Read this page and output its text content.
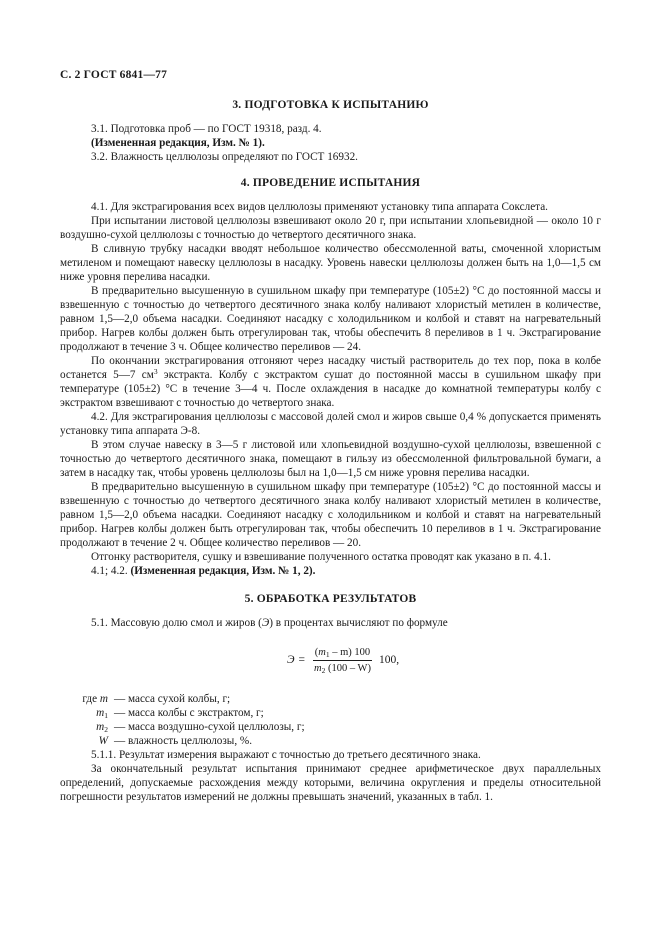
С. 2 ГОСТ 6841—77
3. ПОДГОТОВКА К ИСПЫТАНИЮ

3.1. Подготовка проб — по ГОСТ 19318, разд. 4.

(Измененная редакция, Изм. № 1).

3.2. Влажность целлюлозы определяют по ГОСТ 16932.

4. ПРОВЕДЕНИЕ ИСПЫТАНИЯ

4.1. Для экстрагирования всех видов целлюлозы применяют установку типа аппарата Сокслета.

При испытании листовой целлюлозы взвешивают около 20 г, при испытании хлопьевидной — около 10 г воздушно-сухой целлюлозы с точностью до четвертого десятичного знака.

В сливную трубку насадки вводят небольшое количество обессмоленной ваты, смоченной хлористым метиленом и помещают навеску целлюлозы в насадку. Уровень навески целлюлозы должен быть на 1,0—1,5 см ниже уровня перелива насадки.

В предварительно высушенную в сушильном шкафу при температуре (105±2) °С до постоянной массы и взвешенную с точностью до четвертого десятичного знака колбу наливают хлористый метилен в количестве, равном 1,5—2,0 объема насадки. Соединяют насадку с холодильником и колбой и ставят на нагревательный прибор. Нагрев колбы должен быть отрегулирован так, чтобы обеспечить 8 переливов в 1 ч. Экстрагирование продолжают в течение 3 ч. Общее количество переливов — 24.

По окончании экстрагирования отгоняют через насадку чистый растворитель до тех пор, пока в колбе останется 5—7 $см^3$ экстракта. Колбу с экстрактом сушат до постоянной массы в сушильном шкафу при температуре (105±2) °С в течение 3—4 ч. После охлаждения в насадке до комнатной температуры колбу с экстрактом взвешивают с точностью до четвертого знака.

4.2. Для экстрагирования целлюлозы с массовой долей смол и жиров свыше 0,4 % допускается применять установку типа аппарата Э-8.

В этом случае навеску в 3—5 г листовой или хлопьевидной воздушно-сухой целлюлозы, взвешенной с точностью до четвертого десятичного знака, помещают в гильзу из обессмоленной фильтровальной бумаги, а затем в насадку так, чтобы уровень целлюлозы был на 1,0—1,5 см ниже уровня перелива насадки.

В предварительно высушенную в сушильном шкафу при температуре (105±2) °С до постоянной массы и взвешенную с точностью до четвертого десятичного знака колбу наливают хлористый метилен в количестве, равном 1,5—2,0 объема насадки. Соединяют насадку с холодильником и колбой и ставят на нагревательный прибор. Нагрев колбы должен быть отрегулирован так, чтобы обеспечить 10 переливов в 1 ч. Экстрагирование продолжают в течение 2 ч. Общее количество переливов — 20.

Отгонку растворителя, сушку и взвешивание полученного остатка проводят как указано в п. 4.1.

4.1; 4.2. (Измененная редакция, Изм. № 1, 2).

5. ОБРАБОТКА РЕЗУЛЬТАТОВ

5.1. Массовую долю смол и жиров (Э) в процентах вычисляют по формуле

$Э = \frac{(m_1 - m) 100}{m_2 (100 - W)} 100$,
где m — масса сухой колбы, г;
$m_1$ — масса колбы с экстрактом, г;
$m_2$ — масса воздушно-сухой целлюлозы, г;
W — влажность целлюлозы, %.

5.1.1. Результат измерения выражают с точностью до третьего десятичного знака.

За окончательный результат испытания принимают среднее арифметическое двух параллельных определений, допускаемые расхождения между которыми, величина округления и пределы относительной погрешности результатов измерений не должны превышать значений, указанных в табл. 1.
